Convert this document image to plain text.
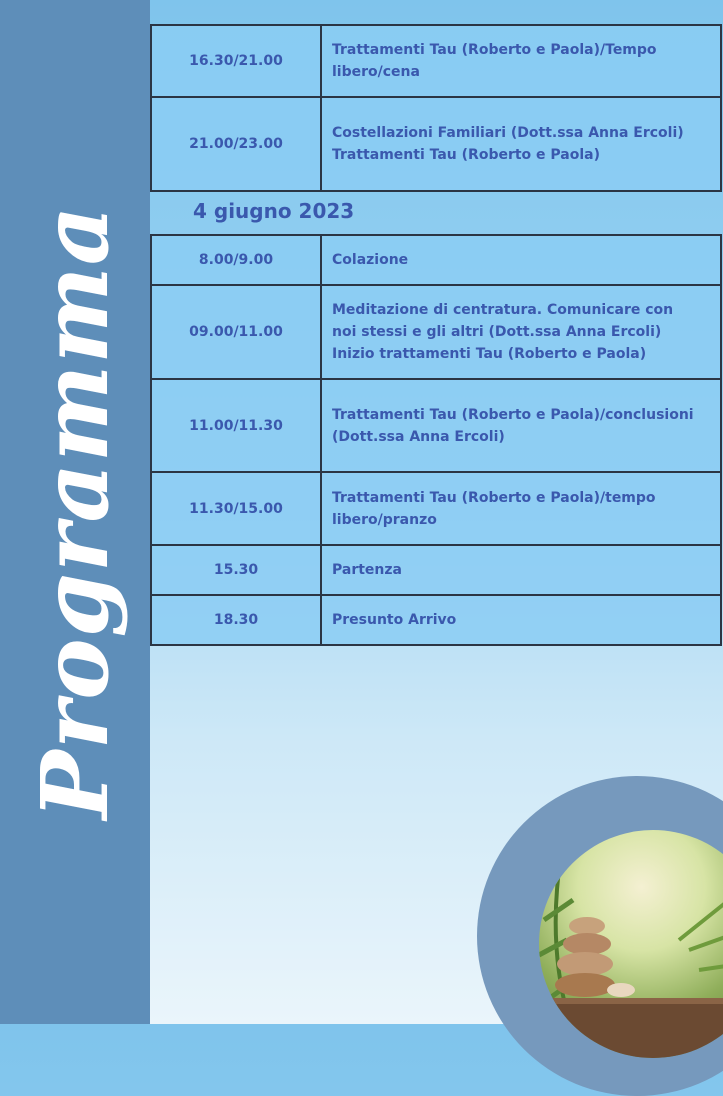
Programma
16.30/21.00	Trattamenti Tau (Roberto e Paola)/Tempo
libero/cena

21.00/23.00	Costellazioni Familiari (Dott.ssa Anna Ercoli)
Trattamenti Tau (Roberto e Paola)
4 giugno 2023
8.00/9.00	Colazione

09.00/11.00	Meditazione di centratura. Comunicare con
noi stessi e gli altri (Dott.ssa Anna Ercoli)
Inizio trattamenti Tau (Roberto e Paola)

11.00/11.30	Trattamenti Tau (Roberto e Paola)/conclusioni
(Dott.ssa Anna Ercoli)

11.30/15.00	Trattamenti Tau (Roberto e Paola)/tempo
libero/pranzo

15.30	Partenza

18.30	Presunto Arrivo
